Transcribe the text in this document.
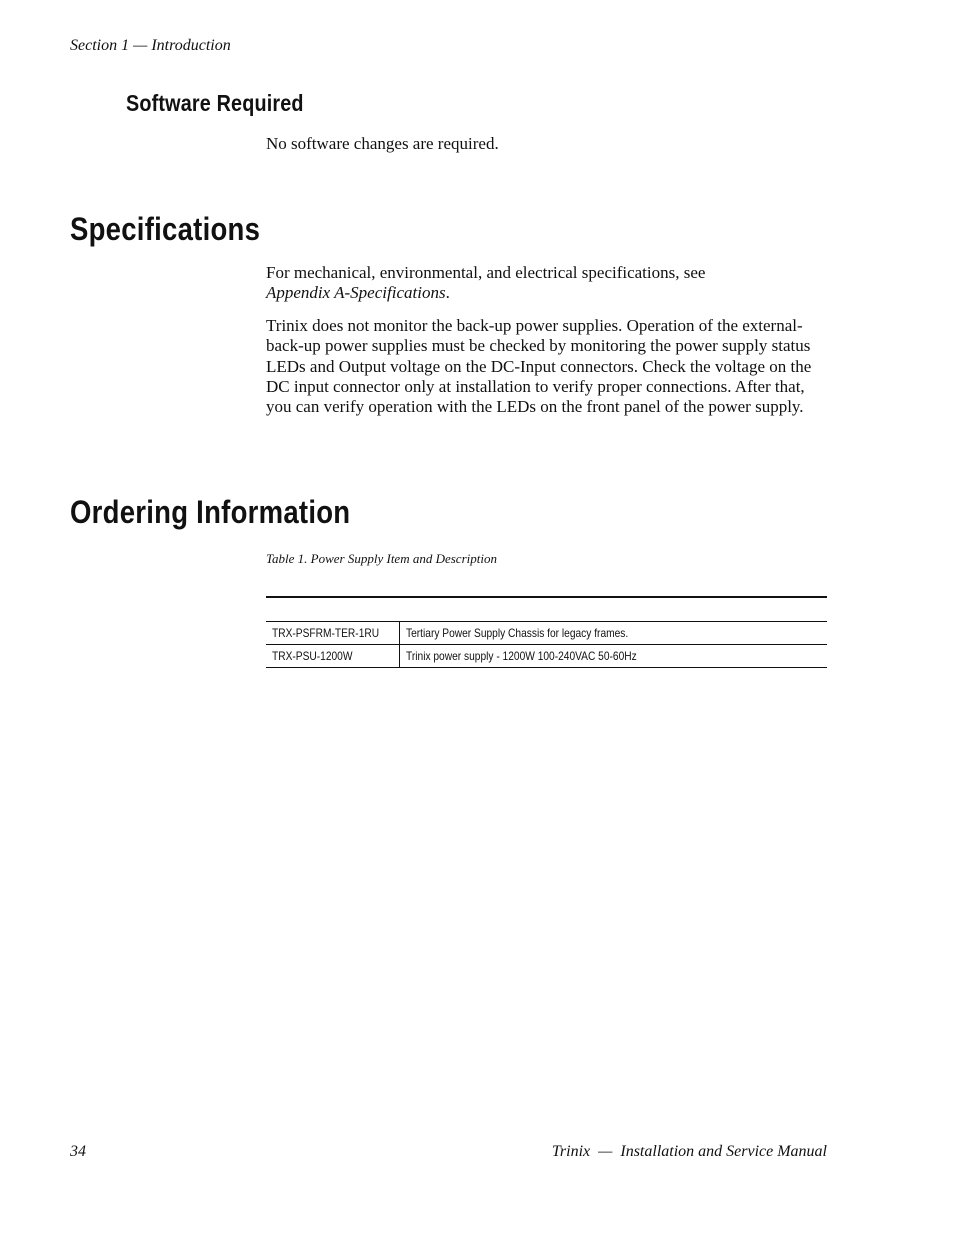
Section 1 — Introduction
Software Required

No software changes are required.

Specifications

For mechanical, environmental, and electrical specifications, see
Appendix A-Specifications.

Trinix does not monitor the back-up power supplies. Operation of the external-back-up power supplies must be checked by monitoring the power supply status LEDs and Output voltage on the DC-Input connectors. Check the voltage on the DC input connector only at installation to verify proper connections. After that, you can verify operation with the LEDs on the front panel of the power supply.

Ordering Information
Table 1. Power Supply Item and Description
TRX-PSFRM-TER-1RU	Tertiary Power Supply Chassis for legacy frames.
TRX-PSU-1200W	Trinix power supply - 1200W 100-240VAC 50-60Hz
34	Trinix  —  Installation and Service Manual
